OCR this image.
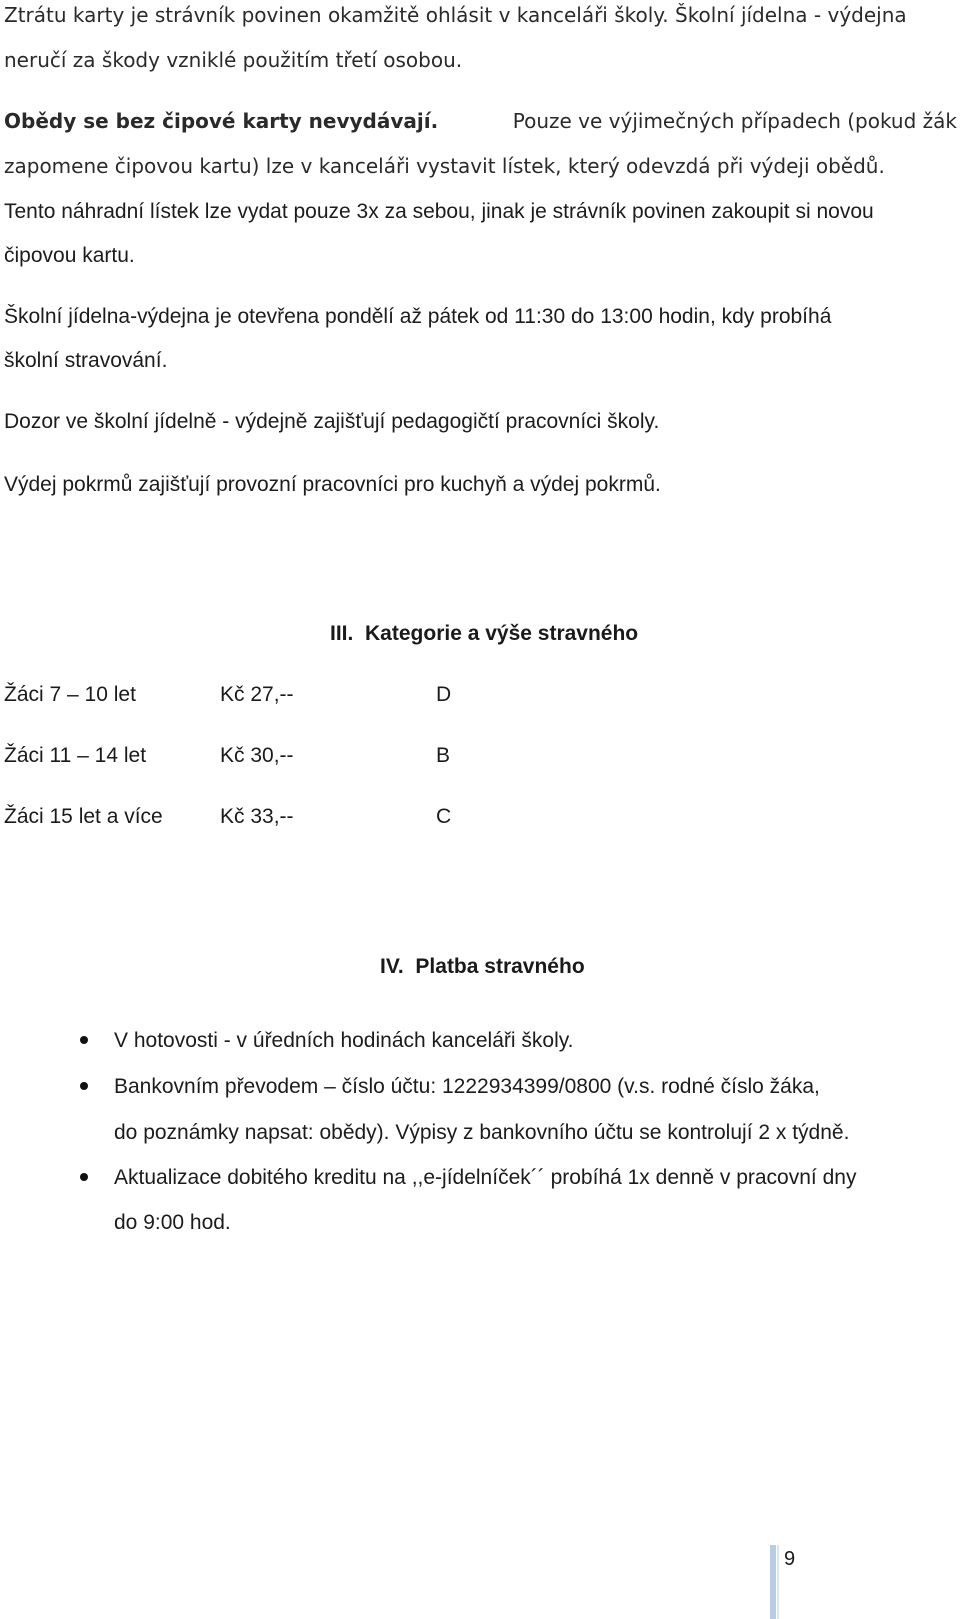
Ztrátu karty je strávník povinen okamžitě ohlásit v kanceláři školy. Školní jídelna - výdejna
neručí za škody vzniklé použitím třetí osobou.
Obědy se bez čipové karty nevydávají.	Pouze ve výjimečných případech (pokud žák
zapomene čipovou kartu) lze v kanceláři vystavit lístek, který odevzdá při výdeji obědů.
Tento náhradní lístek lze vydat pouze 3x za sebou, jinak je strávník povinen zakoupit si novou
čipovou kartu.
Školní jídelna-výdejna je otevřena pondělí až pátek od 11:30 do 13:00 hodin, kdy probíhá
školní stravování.
Dozor ve školní jídelně - výdejně zajišťují pedagogičtí pracovníci školy.
Výdej pokrmů zajišťují provozní pracovníci pro kuchyň a výdej pokrmů.
III. Kategorie a výše stravného
Žáci 7 – 10 let	Kč 27,--	D
Žáci 11 – 14 let	Kč 30,--	B
Žáci 15 let a více	Kč 33,--	C
IV. Platba stravného
V hotovosti - v úředních hodinách kanceláři školy.
Bankovním převodem – číslo účtu: 1222934399/0800 (v.s. rodné číslo žáka,
do poznámky napsat: obědy). Výpisy z bankovního účtu se kontrolují 2 x týdně.
Aktualizace dobitého kreditu na ,,e-jídelníček´´ probíhá 1x denně v pracovní dny
do 9:00 hod.
9
